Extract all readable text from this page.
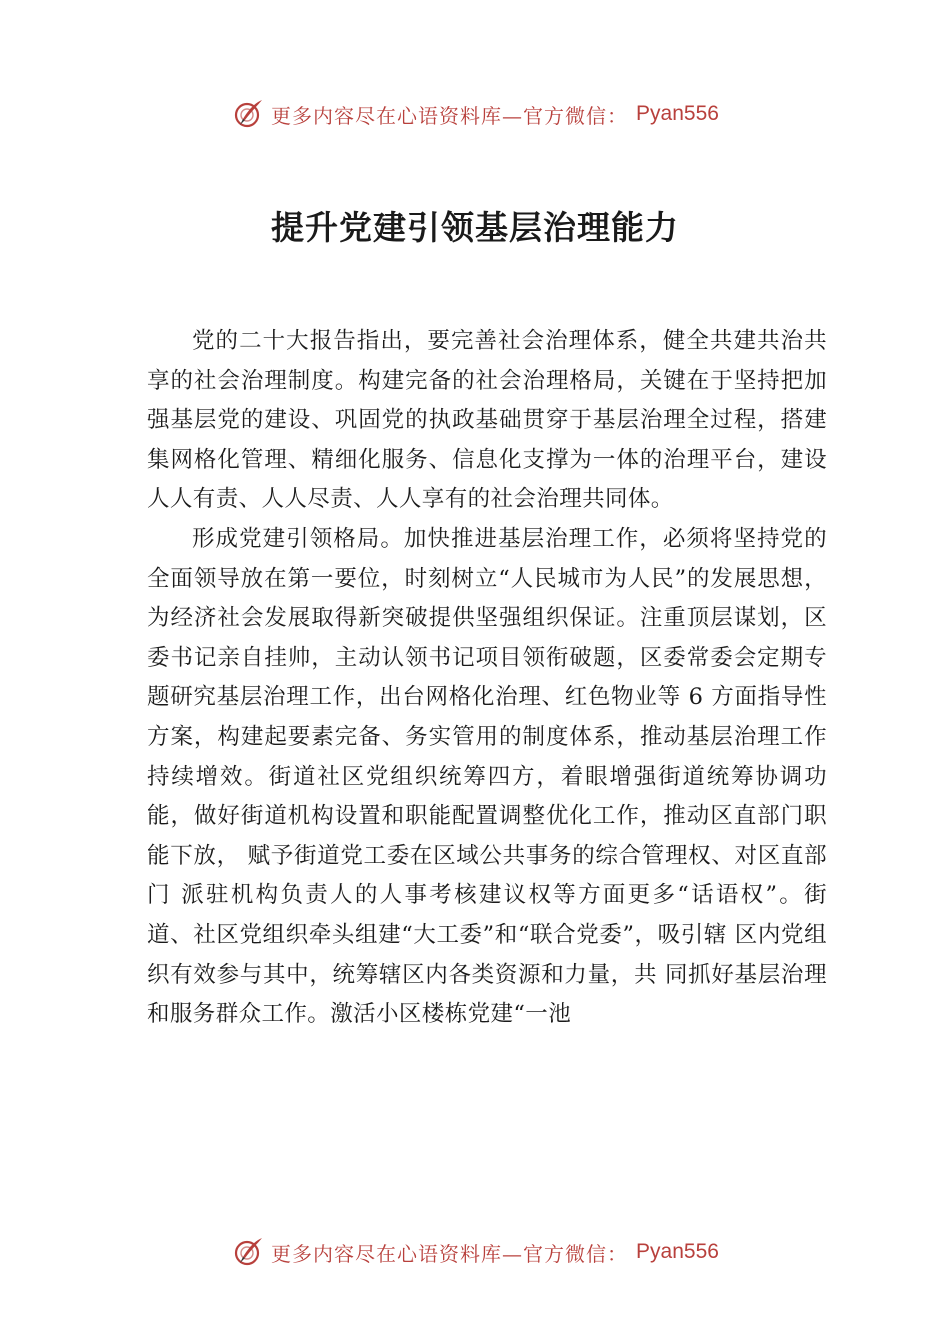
更多内容尽在心语资料库—官方微信： Pyan556
提升党建引领基层治理能力

党的二十大报告指出，要完善社会治理体系，健全共建共治共享的社会治理制度。构建完备的社会治理格局，关键在于坚持把加强基层党的建设、巩固党的执政基础贯穿于基层治理全过程，搭建集网格化管理、精细化服务、信息化支撑为一体的治理平台，建设人人有责、人人尽责、人人享有的社会治理共同体。

形成党建引领格局。加快推进基层治理工作，必须将坚持党的全面领导放在第一要位，时刻树立“人民城市为人民”的发展思想，为经济社会发展取得新突破提供坚强组织保证。注重顶层谋划，区委书记亲自挂帅，主动认领书记项目领衔破题，区委常委会定期专题研究基层治理工作，出台网格化治理、红色物业等 6 方面指导性方案，构建起要素完备、务实管用的制度体系，推动基层治理工作持续增效。街道社区党组织统筹四方，着眼增强街道统筹协调功能，做好街道机构设置和职能配置调整优化工作，推动区直部门职能下放， 赋予街道党工委在区域公共事务的综合管理权、对区直部门 派驻机构负责人的人事考核建议权等方面更多“话语权”。街 道、社区党组织牵头组建“大工委”和“联合党委”，吸引辖 区内党组织有效参与其中，统筹辖区内各类资源和力量，共 同抓好基层治理和服务群众工作。激活小区楼栋党建“一池

更多内容尽在心语资料库—官方微信： Pyan556
